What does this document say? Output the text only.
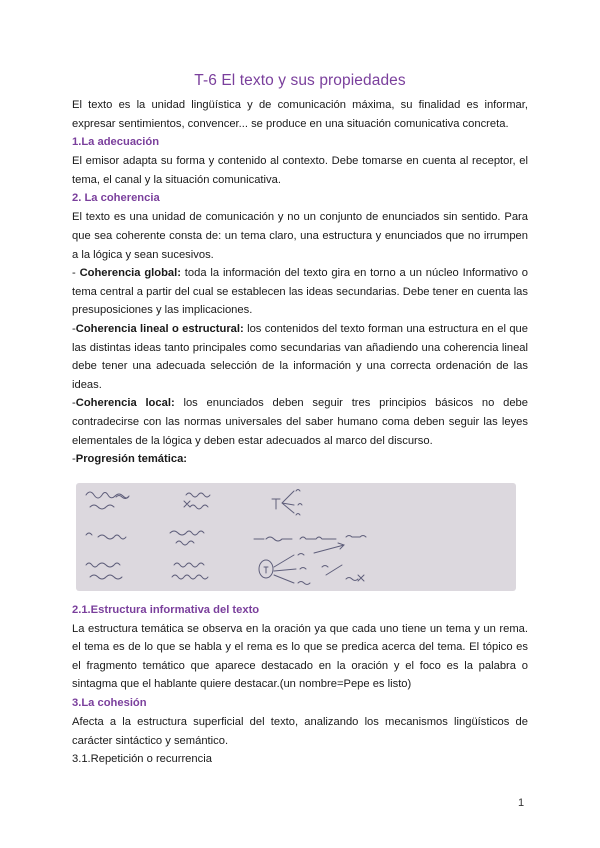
T-6 El texto y sus propiedades

El texto es la unidad lingüística y de comunicación máxima, su finalidad es informar, expresar sentimientos, convencer... se produce en una situación comunicativa concreta.

1.La adecuación

El emisor adapta su forma y contenido al contexto. Debe tomarse en cuenta al receptor, el tema, el canal y la situación comunicativa.

2. La coherencia

El texto es una unidad de comunicación y no un conjunto de enunciados sin sentido. Para que sea coherente consta de: un tema claro, una estructura y enunciados que no irrumpen a la lógica y sean sucesivos.

- Coherencia global: toda la información del texto gira en torno a un núcleo Informativo o tema central a partir del cual se establecen las ideas secundarias. Debe tener en cuenta las presuposiciones y las implicaciones.

-Coherencia lineal o estructural: los contenidos del texto forman una estructura en el que las distintas ideas tanto principales como secundarias van añadiendo una coherencia lineal debe tener una adecuada selección de la información y una correcta ordenación de las ideas.

-Coherencia local: los enunciados deben seguir tres principios básicos no debe contradecirse con las normas universales del saber humano coma deben seguir las leyes elementales de la lógica y deben estar adecuados al marco del discurso.

-Progresión temática:

2.1.Estructura informativa del texto

La estructura temática se observa en la oración ya que cada uno tiene un tema y un rema. el tema es de lo que se habla y el rema es lo que se predica acerca del tema. El tópico es el fragmento temático que aparece destacado en la oración y el foco es la palabra o sintagma que el hablante quiere destacar.(un nombre=Pepe es listo)

3.La cohesión

Afecta a la estructura superficial del texto, analizando los mecanismos lingüísticos de carácter sintáctico y semántico.

3.1.Repetición o recurrencia

1
